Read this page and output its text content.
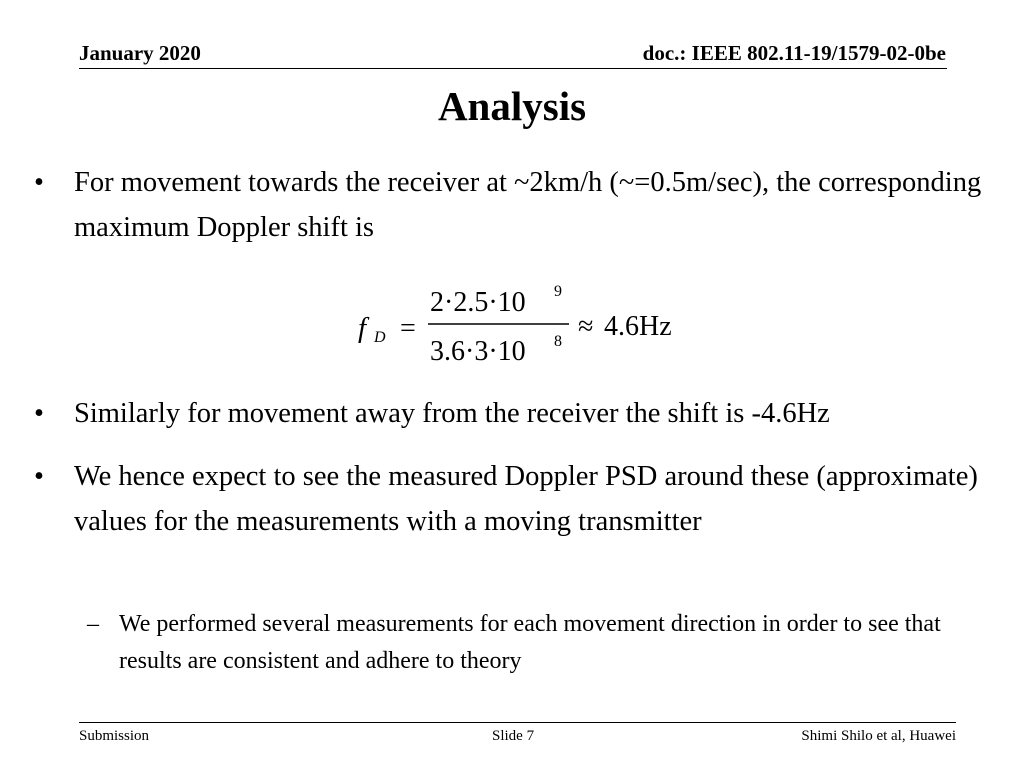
January 2020	doc.: IEEE 802.11-19/1579-02-0be
Analysis
• For movement towards the receiver at ~2km/h (~=0.5m/sec), the corresponding maximum Doppler shift is
f D =
2·2.5·10 9
3.6·3·10 8 ≈ 4.6Hz
• Similarly for movement away from the receiver the shift is -4.6Hz
• We hence expect to see the measured Doppler PSD around these (approximate) values for the measurements with a moving transmitter
– We performed several measurements for each movement direction in order to see that results are consistent and adhere to theory
Submission	Slide 7	Shimi Shilo et al, Huawei
